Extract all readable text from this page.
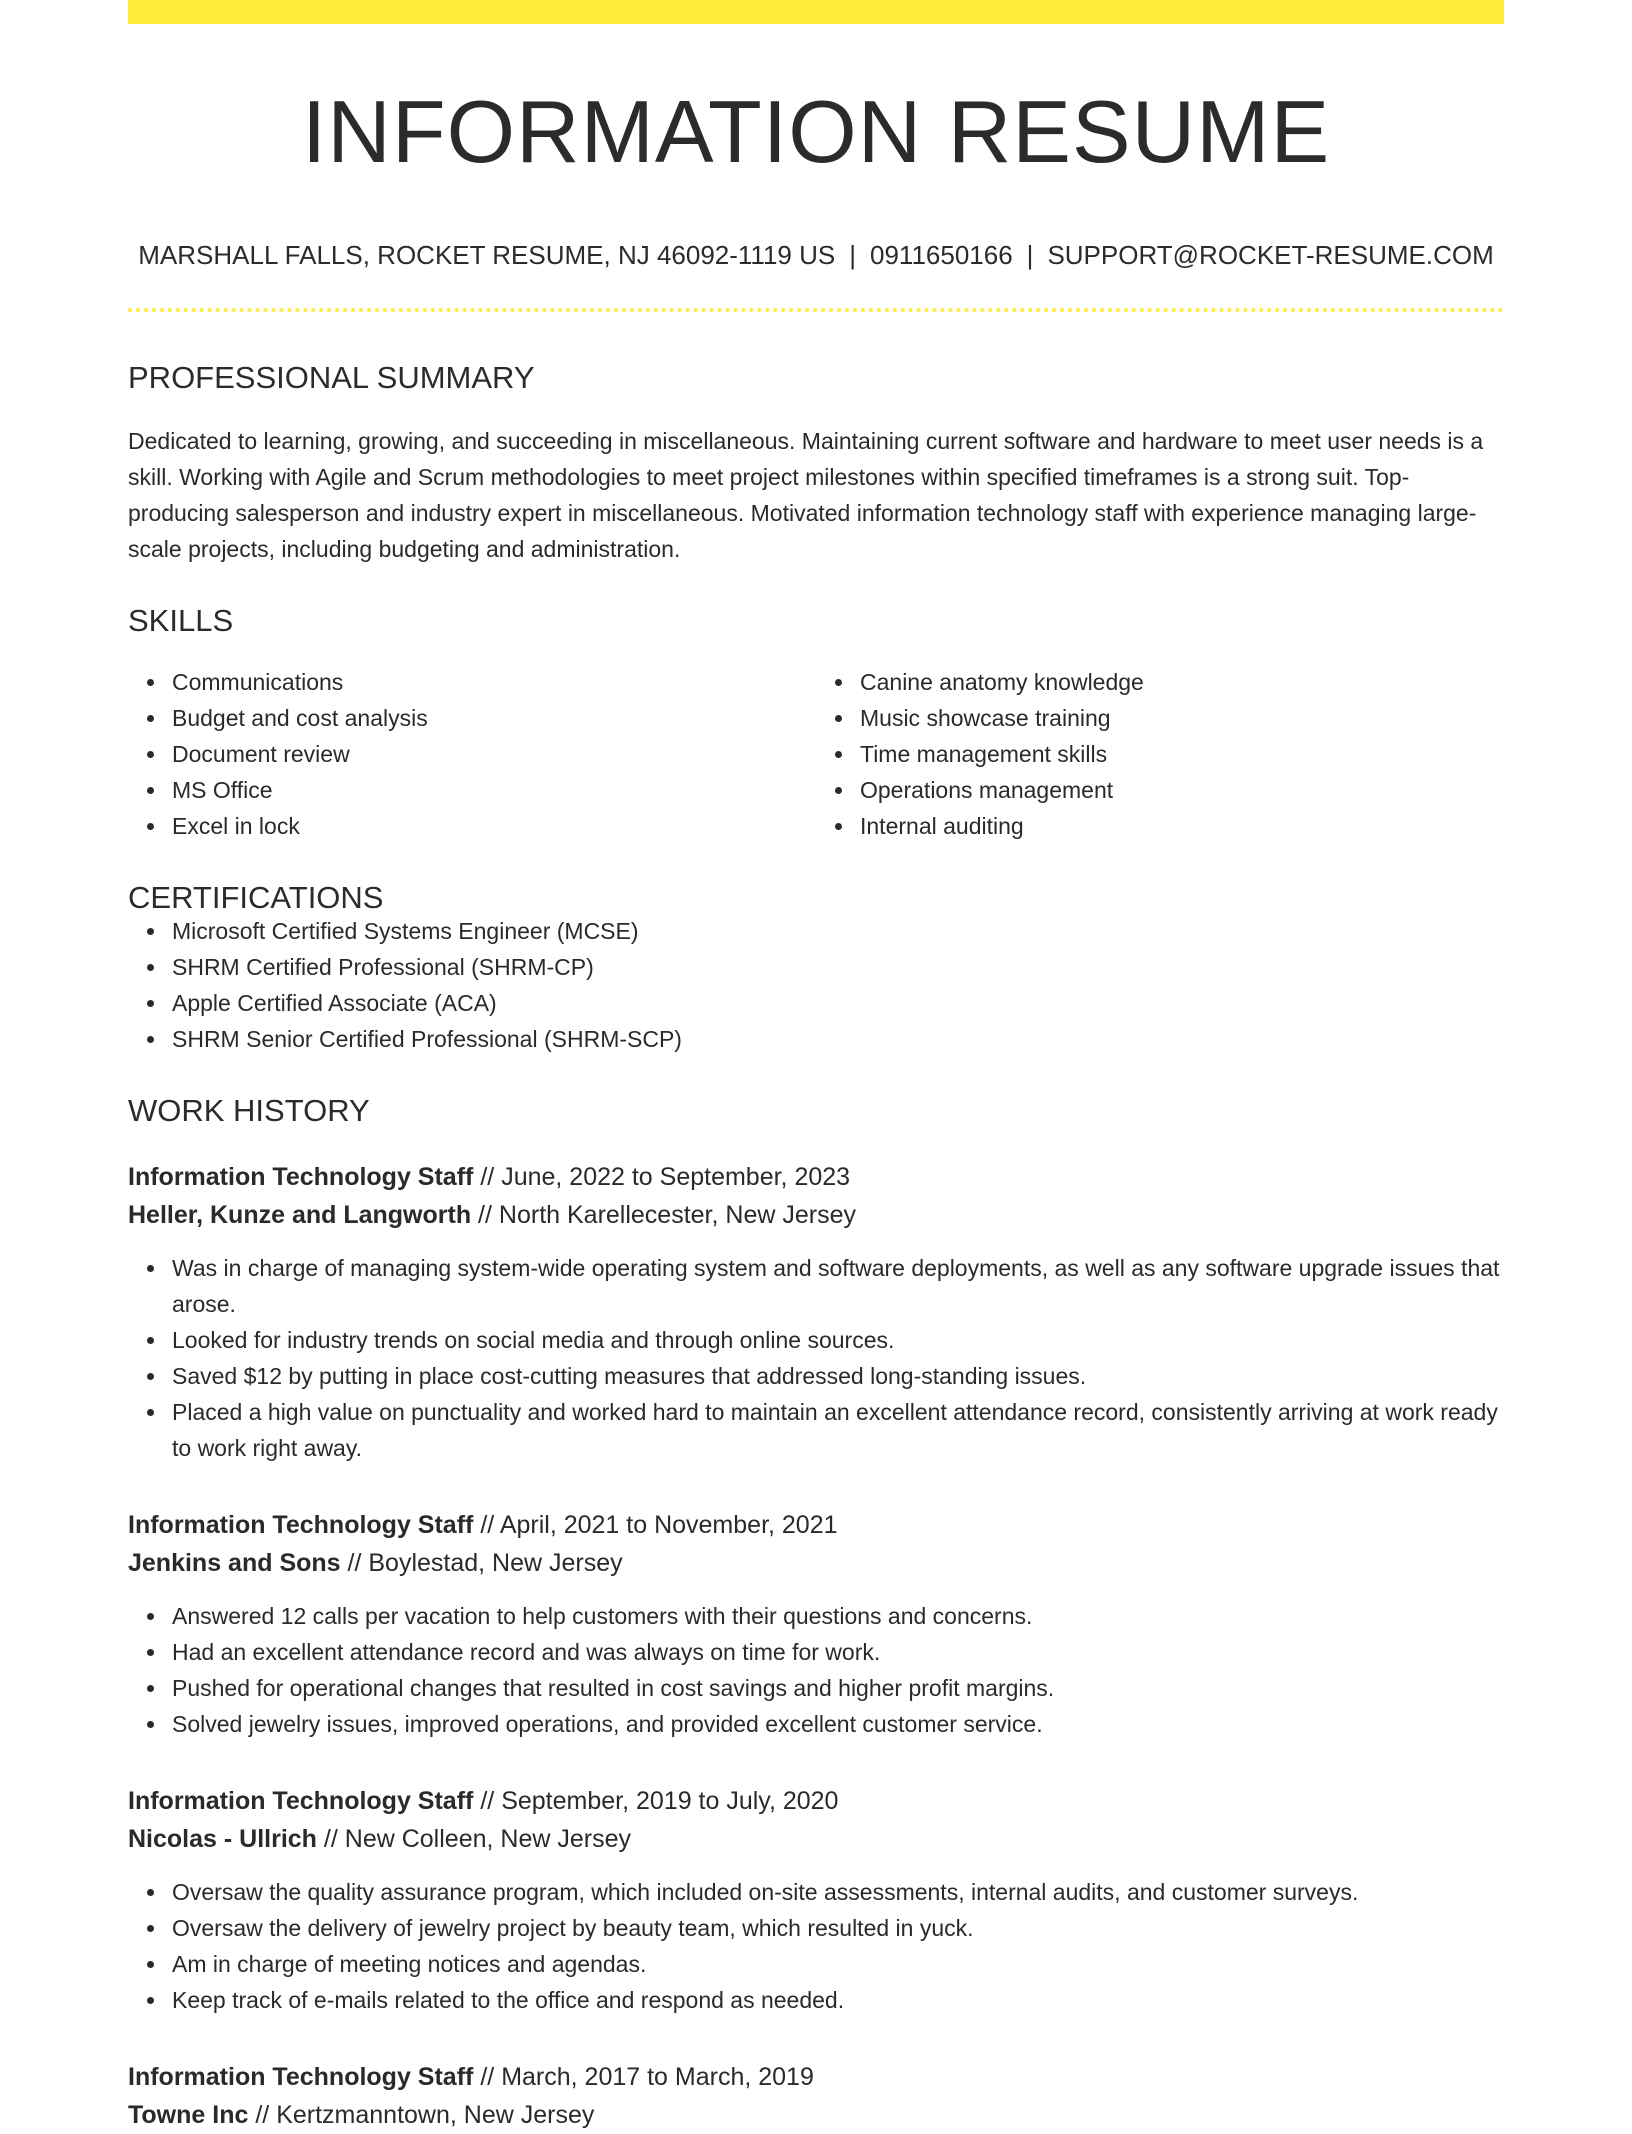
INFORMATION RESUME
MARSHALL FALLS, ROCKET RESUME, NJ 46092-1119 US | 0911650166 | SUPPORT@ROCKET-RESUME.COM
PROFESSIONAL SUMMARY

Dedicated to learning, growing, and succeeding in miscellaneous. Maintaining current software and hardware to meet user needs is a skill. Working with Agile and Scrum methodologies to meet project milestones within specified timeframes is a strong suit. Top-producing salesperson and industry expert in miscellaneous. Motivated information technology staff with experience managing large-scale projects, including budgeting and administration.

SKILLS
Communications
Budget and cost analysis
Document review
MS Office
Excel in lock
Canine anatomy knowledge
Music showcase training
Time management skills
Operations management
Internal auditing
CERTIFICATIONS
Microsoft Certified Systems Engineer (MCSE)
SHRM Certified Professional (SHRM-CP)
Apple Certified Associate (ACA)
SHRM Senior Certified Professional (SHRM-SCP)
WORK HISTORY
Information Technology Staff // June, 2022 to September, 2023
Heller, Kunze and Langworth // North Karellecester, New Jersey
Was in charge of managing system-wide operating system and software deployments, as well as any software upgrade issues that arose.
Looked for industry trends on social media and through online sources.
Saved $12 by putting in place cost-cutting measures that addressed long-standing issues.
Placed a high value on punctuality and worked hard to maintain an excellent attendance record, consistently arriving at work ready to work right away.
Information Technology Staff // April, 2021 to November, 2021
Jenkins and Sons // Boylestad, New Jersey
Answered 12 calls per vacation to help customers with their questions and concerns.
Had an excellent attendance record and was always on time for work.
Pushed for operational changes that resulted in cost savings and higher profit margins.
Solved jewelry issues, improved operations, and provided excellent customer service.
Information Technology Staff // September, 2019 to July, 2020
Nicolas - Ullrich // New Colleen, New Jersey
Oversaw the quality assurance program, which included on-site assessments, internal audits, and customer surveys.
Oversaw the delivery of jewelry project by beauty team, which resulted in yuck.
Am in charge of meeting notices and agendas.
Keep track of e-mails related to the office and respond as needed.
Information Technology Staff // March, 2017 to March, 2019
Towne Inc // Kertzmanntown, New Jersey
